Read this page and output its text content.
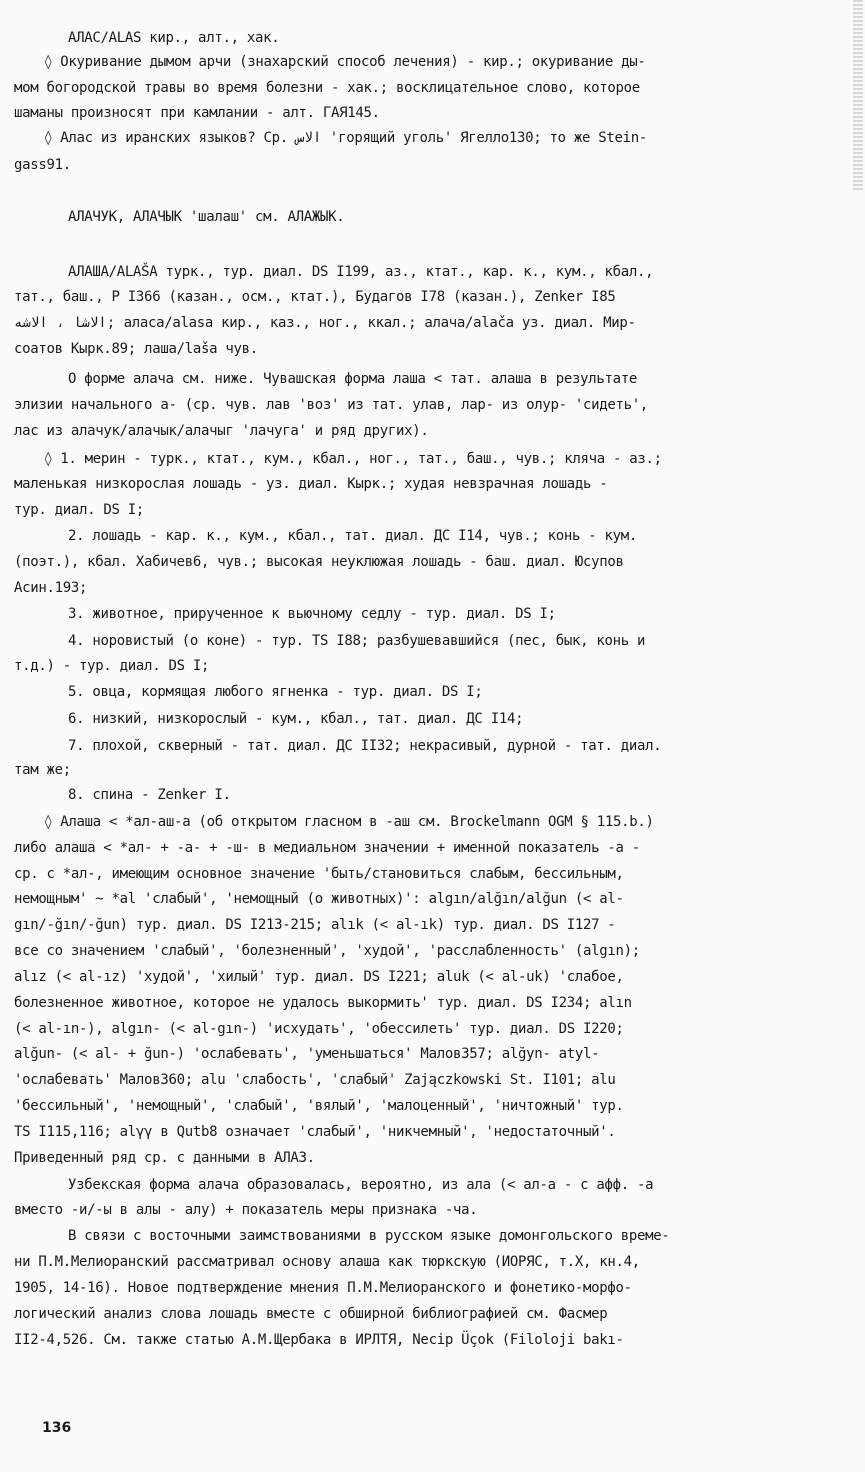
АЛАС/ALAS кир., алт., хак.
◊ Окуривание дымом арчи (знахарский способ лечения) - кир.; окуривание ды-
мом богородской травы во время болезни - хак.; восклицательное слово, которое
шаманы произносят при камлании - алт. ГАЯ145.
◊ Алас из иранских языков? Ср. الاس 'горящий уголь' Ягелло130; то же Stein-
gass91.
АЛАЧУК, АЛАЧЫК 'шалаш' см. АЛАЖЫК.
АЛАША/ALAŠA турк., тур. диал. DS I199, аз., ктат., кар. к., кум., кбал.,
тат., баш., Р I366 (казан., осм., ктат.), Будагов I78 (казан.), Zenker I85
الاشا ، الاشه; аласа/alasa кир., каз., ног., ккал.; алача/alača уз. диал. Мир-
соатов Кырк.89; лаша/laša чув.
О форме алача см. ниже. Чувашская форма лаша < тат. алаша в результате
элизии начального а- (ср. чув. лав 'воз' из тат. улав, лар- из олур- 'сидеть',
лас из алачук/алачык/алачыг 'лачуга' и ряд других).
◊ 1. мерин - турк., ктат., кум., кбал., ног., тат., баш., чув.; кляча - аз.;
маленькая низкорослая лошадь - уз. диал. Кырк.; худая невзрачная лошадь -
тур. диал. DS I;
2. лошадь - кар. к., кум., кбал., тат. диал. ДС I14, чув.; конь - кум.
(поэт.), кбал. Хабичев6, чув.; высокая неуклюжая лошадь - баш. диал. Юсупов
Асин.193;
3. животное, прирученное к вьючному седлу - тур. диал. DS I;
4. норовистый (о коне) - тур. TS I88; разбушевавшийся (пес, бык, конь и
т.д.) - тур. диал. DS I;
5. овца, кормящая любого ягненка - тур. диал. DS I;
6. низкий, низкорослый - кум., кбал., тат. диал. ДС I14;
7. плохой, скверный - тат. диал. ДС II32; некрасивый, дурной - тат. диал.
там же;
8. спина - Zenker I.
◊ Алаша < *ал-аш-а (об открытом гласном в -аш см. Brockelmann OGM § 115.b.)
либо алаша < *ал- + -а- + -ш- в медиальном значении + именной показатель -а -
ср. с *ал-, имеющим основное значение 'быть/становиться слабым, бессильным,
немощным' ~ *al 'слабый', 'немощный (о животных)': algın/alğın/alğun (< al-
gın/-ğın/-ğun) тур. диал. DS I213-215; alık (< al-ık) тур. диал. DS I127 -
все со значением 'слабый', 'болезненный', 'худой', 'расслабленность' (algın);
alız (< al-ız) 'худой', 'хилый' тур. диал. DS I221; aluk (< al-uk) 'слабое,
болезненное животное, которое не удалось выкормить' тур. диал. DS I234; alın
(< al-ın-), algın- (< al-gın-) 'исхудать', 'обессилеть' тур. диал. DS I220;
alğun- (< al- + ğun-) 'ослабевать', 'уменьшаться' Малов357; alğyn- atyl-
'ослабевать' Малов360; alu 'слабость', 'слабый' Zajączkowski St. I101; alu
'бессильный', 'немощный', 'слабый', 'вялый', 'малоценный', 'ничтожный' тур.
TS I115,116; alγγ в Qutb8 означает 'слабый', 'никчемный', 'недостаточный'.
Приведенный ряд ср. с данными в АЛАЗ.
Узбекская форма алача образовалась, вероятно, из ала (< ал-а - с афф. -а
вместо -и/-ы в алы - алу) + показатель меры признака -ча.
В связи с восточными заимствованиями в русском языке домонгольского време-
ни П.М.Мелиоранский рассматривал основу алаша как тюркскую (ИОРЯС, т.X, кн.4,
1905, 14-16). Новое подтверждение мнения П.М.Мелиоранского и фонетико-морфо-
логический анализ слова лошадь вместе с обширной библиографией см. Фасмер
II2-4,526. См. также статью А.М.Щербака в ИРЛТЯ, Necip Üçok (Filoloji bakı-
136
